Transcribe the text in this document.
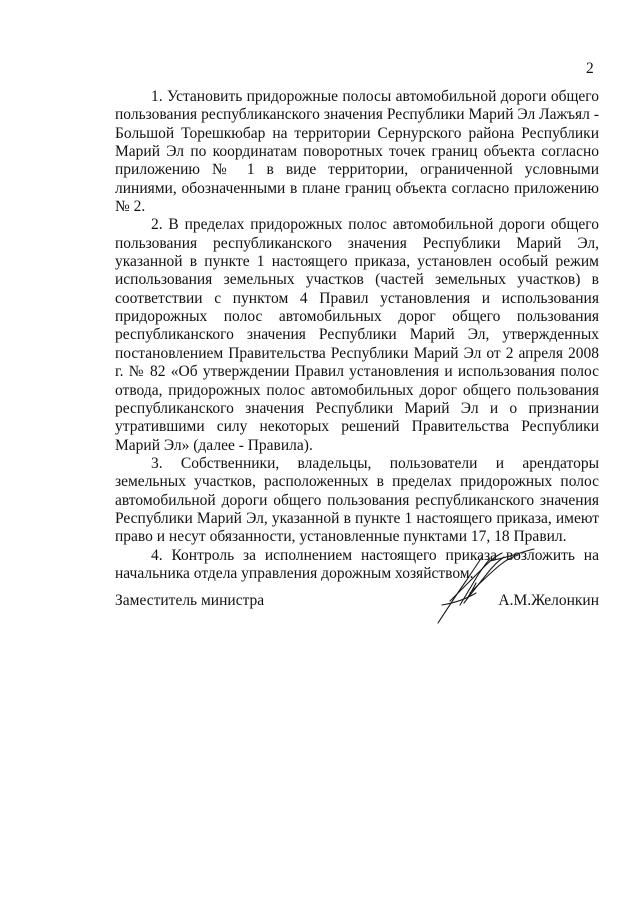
2

1. Установить придорожные полосы автомобильной дороги общего пользования республиканского значения Республики Марий Эл Лажъял - Большой Торешкюбар на территории Сернурского района Республики Марий Эл по координатам поворотных точек границ объекта согласно приложению № 1 в виде территории, ограниченной условными линиями, обозначенными в плане границ объекта согласно приложению № 2.

2. В пределах придорожных полос автомобильной дороги общего пользования республиканского значения Республики Марий Эл, указанной в пункте 1 настоящего приказа, установлен особый режим использования земельных участков (частей земельных участков) в соответствии с пунктом 4 Правил установления и использования придорожных полос автомобильных дорог общего пользования республиканского значения Республики Марий Эл, утвержденных постановлением Правительства Республики Марий Эл от 2 апреля 2008 г. № 82 «Об утверждении Правил установления и использования полос отвода, придорожных полос автомобильных дорог общего пользования республиканского значения Республики Марий Эл и о признании утратившими силу некоторых решений Правительства Республики Марий Эл» (далее - Правила).

3. Собственники, владельцы, пользователи и арендаторы земельных участков, расположенных в пределах придорожных полос автомобильной дороги общего пользования республиканского значения Республики Марий Эл, указанной в пункте 1 настоящего приказа, имеют право и несут обязанности, установленные пунктами 17, 18 Правил.

4. Контроль за исполнением настоящего приказа возложить на начальника отдела управления дорожным хозяйством.

Заместитель министра	А.М.Желонкин
